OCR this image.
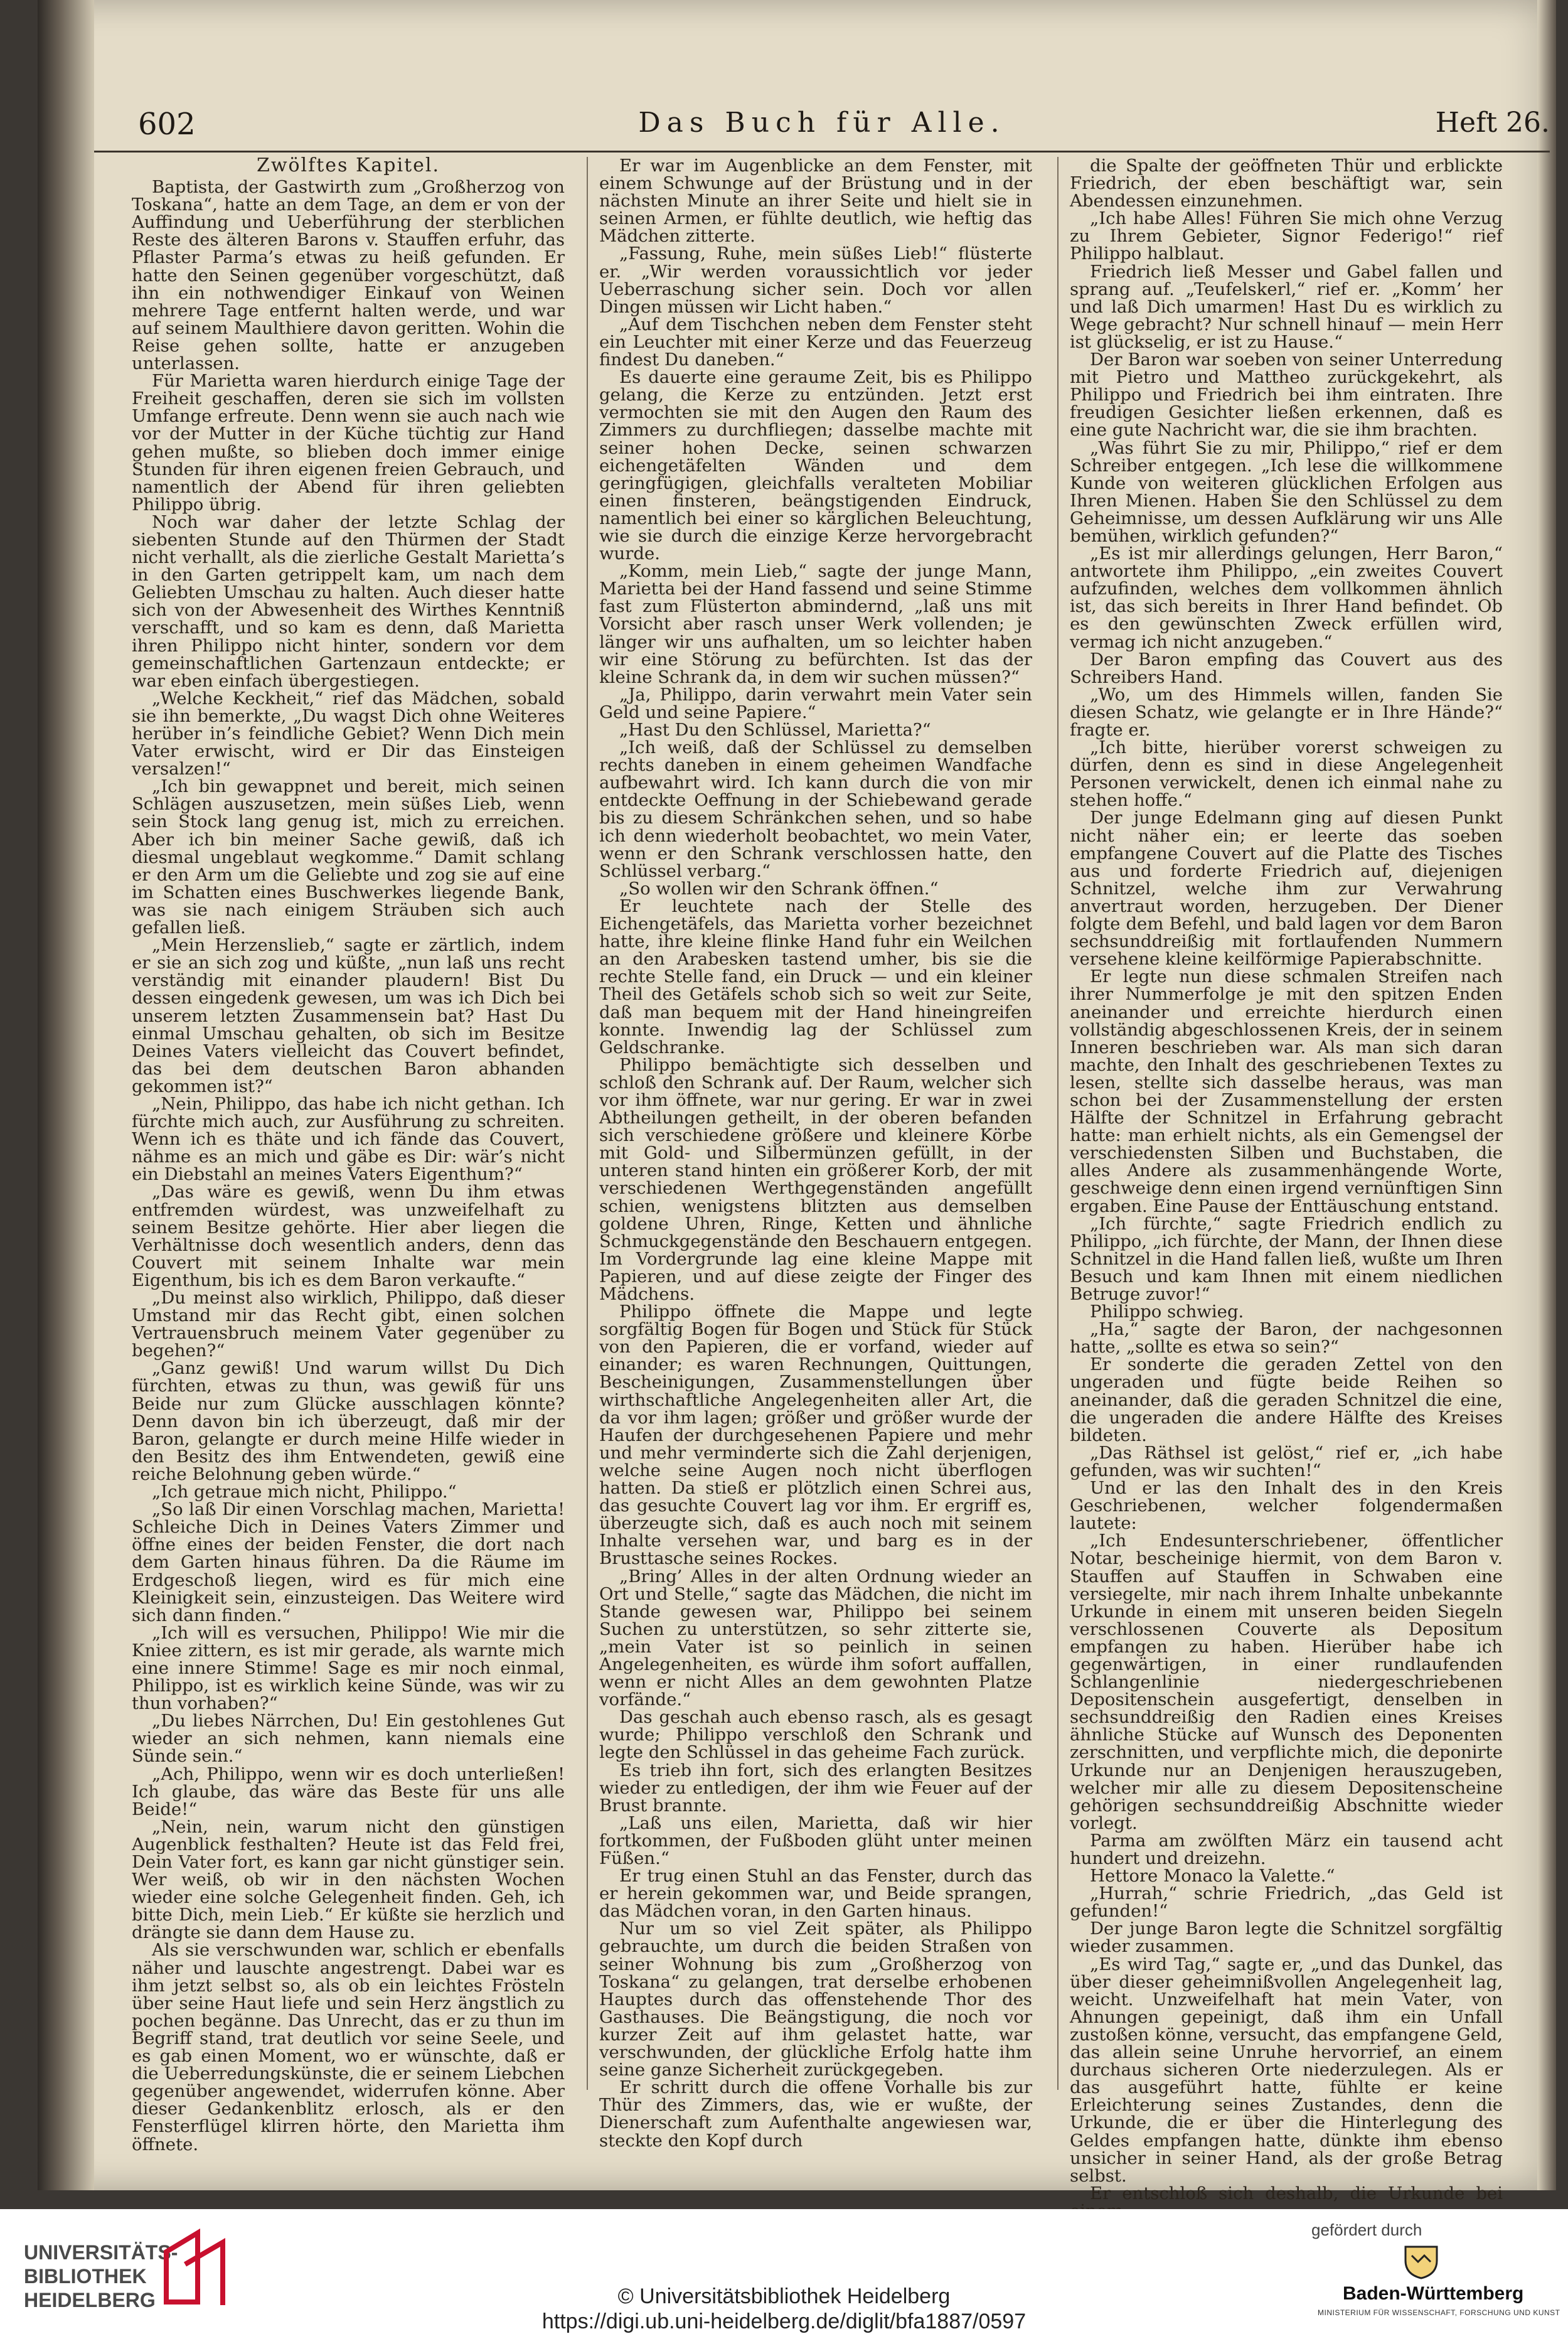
602	Das Buch für Alle.	Heft 26.
Zwölftes Kapitel.

Baptista, der Gastwirth zum „Großherzog von Toskana“, hatte an dem Tage, an dem er von der Auffindung und Ueberführung der sterblichen Reste des älteren Barons v. Stauffen erfuhr, das Pflaster Parma’s etwas zu heiß gefunden. Er hatte den Seinen gegenüber vorgeschützt, daß ihn ein nothwendiger Einkauf von Weinen mehrere Tage entfernt halten werde, und war auf seinem Maulthiere davon geritten. Wohin die Reise gehen sollte, hatte er anzugeben unterlassen.

Für Marietta waren hierdurch einige Tage der Freiheit geschaffen, deren sie sich im vollsten Umfange erfreute. Denn wenn sie auch nach wie vor der Mutter in der Küche tüchtig zur Hand gehen mußte, so blieben doch immer einige Stunden für ihren eigenen freien Gebrauch, und namentlich der Abend für ihren geliebten Philippo übrig.

Noch war daher der letzte Schlag der siebenten Stunde auf den Thürmen der Stadt nicht verhallt, als die zierliche Gestalt Marietta’s in den Garten getrippelt kam, um nach dem Geliebten Umschau zu halten. Auch dieser hatte sich von der Abwesenheit des Wirthes Kenntniß verschafft, und so kam es denn, daß Marietta ihren Philippo nicht hinter, sondern vor dem gemeinschaftlichen Gartenzaun entdeckte; er war eben einfach übergestiegen.

„Welche Keckheit,“ rief das Mädchen, sobald sie ihn bemerkte, „Du wagst Dich ohne Weiteres herüber in’s feindliche Gebiet? Wenn Dich mein Vater erwischt, wird er Dir das Einsteigen versalzen!“

„Ich bin gewappnet und bereit, mich seinen Schlägen auszusetzen, mein süßes Lieb, wenn sein Stock lang genug ist, mich zu erreichen. Aber ich bin meiner Sache gewiß, daß ich diesmal ungeblaut wegkomme.“ Damit schlang er den Arm um die Geliebte und zog sie auf eine im Schatten eines Buschwerkes liegende Bank, was sie nach einigem Sträuben sich auch gefallen ließ.

„Mein Herzenslieb,“ sagte er zärtlich, indem er sie an sich zog und küßte, „nun laß uns recht verständig mit einander plaudern! Bist Du dessen eingedenk gewesen, um was ich Dich bei unserem letzten Zusammensein bat? Hast Du einmal Umschau gehalten, ob sich im Besitze Deines Vaters vielleicht das Couvert befindet, das bei dem deutschen Baron abhanden gekommen ist?“

„Nein, Philippo, das habe ich nicht gethan. Ich fürchte mich auch, zur Ausführung zu schreiten. Wenn ich es thäte und ich fände das Couvert, nähme es an mich und gäbe es Dir: wär’s nicht ein Diebstahl an meines Vaters Eigenthum?“

„Das wäre es gewiß, wenn Du ihm etwas entfremden würdest, was unzweifelhaft zu seinem Besitze gehörte. Hier aber liegen die Verhältnisse doch wesentlich anders, denn das Couvert mit seinem Inhalte war mein Eigenthum, bis ich es dem Baron verkaufte.“

„Du meinst also wirklich, Philippo, daß dieser Umstand mir das Recht gibt, einen solchen Vertrauensbruch meinem Vater gegenüber zu begehen?“

„Ganz gewiß! Und warum willst Du Dich fürchten, etwas zu thun, was gewiß für uns Beide nur zum Glücke ausschlagen könnte? Denn davon bin ich überzeugt, daß mir der Baron, gelangte er durch meine Hilfe wieder in den Besitz des ihm Entwendeten, gewiß eine reiche Belohnung geben würde.“

„Ich getraue mich nicht, Philippo.“

„So laß Dir einen Vorschlag machen, Marietta! Schleiche Dich in Deines Vaters Zimmer und öffne eines der beiden Fenster, die dort nach dem Garten hinaus führen. Da die Räume im Erdgeschoß liegen, wird es für mich eine Kleinigkeit sein, einzusteigen. Das Weitere wird sich dann finden.“

„Ich will es versuchen, Philippo! Wie mir die Kniee zittern, es ist mir gerade, als warnte mich eine innere Stimme! Sage es mir noch einmal, Philippo, ist es wirklich keine Sünde, was wir zu thun vorhaben?“

„Du liebes Närrchen, Du! Ein gestohlenes Gut wieder an sich nehmen, kann niemals eine Sünde sein.“

„Ach, Philippo, wenn wir es doch unterließen! Ich glaube, das wäre das Beste für uns alle Beide!“

„Nein, nein, warum nicht den günstigen Augenblick festhalten? Heute ist das Feld frei, Dein Vater fort, es kann gar nicht günstiger sein. Wer weiß, ob wir in den nächsten Wochen wieder eine solche Gelegenheit finden. Geh, ich bitte Dich, mein Lieb.“ Er küßte sie herzlich und drängte sie dann dem Hause zu.

Als sie verschwunden war, schlich er ebenfalls näher und lauschte angestrengt. Dabei war es ihm jetzt selbst so, als ob ein leichtes Frösteln über seine Haut liefe und sein Herz ängstlich zu pochen begänne. Das Unrecht, das er zu thun im Begriff stand, trat deutlich vor seine Seele, und es gab einen Moment, wo er wünschte, daß er die Ueberredungskünste, die er seinem Liebchen gegenüber angewendet, widerrufen könne. Aber dieser Gedankenblitz erlosch, als er den Fensterflügel klirren hörte, den Marietta ihm öffnete.

Er war im Augenblicke an dem Fenster, mit einem Schwunge auf der Brüstung und in der nächsten Minute an ihrer Seite und hielt sie in seinen Armen, er fühlte deutlich, wie heftig das Mädchen zitterte.

„Fassung, Ruhe, mein süßes Lieb!“ flüsterte er. „Wir werden voraussichtlich vor jeder Ueberraschung sicher sein. Doch vor allen Dingen müssen wir Licht haben.“

„Auf dem Tischchen neben dem Fenster steht ein Leuchter mit einer Kerze und das Feuerzeug findest Du daneben.“

Es dauerte eine geraume Zeit, bis es Philippo gelang, die Kerze zu entzünden. Jetzt erst vermochten sie mit den Augen den Raum des Zimmers zu durchfliegen; dasselbe machte mit seiner hohen Decke, seinen schwarzen eichengetäfelten Wänden und dem geringfügigen, gleichfalls veralteten Mobiliar einen finsteren, beängstigenden Eindruck, namentlich bei einer so kärglichen Beleuchtung, wie sie durch die einzige Kerze hervorgebracht wurde.

„Komm, mein Lieb,“ sagte der junge Mann, Marietta bei der Hand fassend und seine Stimme fast zum Flüsterton abmindernd, „laß uns mit Vorsicht aber rasch unser Werk vollenden; je länger wir uns aufhalten, um so leichter haben wir eine Störung zu befürchten. Ist das der kleine Schrank da, in dem wir suchen müssen?“

„Ja, Philippo, darin verwahrt mein Vater sein Geld und seine Papiere.“

„Hast Du den Schlüssel, Marietta?“

„Ich weiß, daß der Schlüssel zu demselben rechts daneben in einem geheimen Wandfache aufbewahrt wird. Ich kann durch die von mir entdeckte Oeffnung in der Schiebewand gerade bis zu diesem Schränkchen sehen, und so habe ich denn wiederholt beobachtet, wo mein Vater, wenn er den Schrank verschlossen hatte, den Schlüssel verbarg.“

„So wollen wir den Schrank öffnen.“

Er leuchtete nach der Stelle des Eichengetäfels, das Marietta vorher bezeichnet hatte, ihre kleine flinke Hand fuhr ein Weilchen an den Arabesken tastend umher, bis sie die rechte Stelle fand, ein Druck — und ein kleiner Theil des Getäfels schob sich so weit zur Seite, daß man bequem mit der Hand hineingreifen konnte. Inwendig lag der Schlüssel zum Geldschranke.

Philippo bemächtigte sich desselben und schloß den Schrank auf. Der Raum, welcher sich vor ihm öffnete, war nur gering. Er war in zwei Abtheilungen getheilt, in der oberen befanden sich verschiedene größere und kleinere Körbe mit Gold- und Silbermünzen gefüllt, in der unteren stand hinten ein größerer Korb, der mit verschiedenen Werthgegenständen angefüllt schien, wenigstens blitzten aus demselben goldene Uhren, Ringe, Ketten und ähnliche Schmuckgegenstände den Beschauern entgegen. Im Vordergrunde lag eine kleine Mappe mit Papieren, und auf diese zeigte der Finger des Mädchens.

Philippo öffnete die Mappe und legte sorgfältig Bogen für Bogen und Stück für Stück von den Papieren, die er vorfand, wieder auf einander; es waren Rechnungen, Quittungen, Bescheinigungen, Zusammenstellungen über wirthschaftliche Angelegenheiten aller Art, die da vor ihm lagen; größer und größer wurde der Haufen der durchgesehenen Papiere und mehr und mehr verminderte sich die Zahl derjenigen, welche seine Augen noch nicht überflogen hatten. Da stieß er plötzlich einen Schrei aus, das gesuchte Couvert lag vor ihm. Er ergriff es, überzeugte sich, daß es auch noch mit seinem Inhalte versehen war, und barg es in der Brusttasche seines Rockes.

„Bring’ Alles in der alten Ordnung wieder an Ort und Stelle,“ sagte das Mädchen, die nicht im Stande gewesen war, Philippo bei seinem Suchen zu unterstützen, so sehr zitterte sie, „mein Vater ist so peinlich in seinen Angelegenheiten, es würde ihm sofort auffallen, wenn er nicht Alles an dem gewohnten Platze vorfände.“

Das geschah auch ebenso rasch, als es gesagt wurde; Philippo verschloß den Schrank und legte den Schlüssel in das geheime Fach zurück.

Es trieb ihn fort, sich des erlangten Besitzes wieder zu entledigen, der ihm wie Feuer auf der Brust brannte.

„Laß uns eilen, Marietta, daß wir hier fortkommen, der Fußboden glüht unter meinen Füßen.“

Er trug einen Stuhl an das Fenster, durch das er herein gekommen war, und Beide sprangen, das Mädchen voran, in den Garten hinaus.

Nur um so viel Zeit später, als Philippo gebrauchte, um durch die beiden Straßen von seiner Wohnung bis zum „Großherzog von Toskana“ zu gelangen, trat derselbe erhobenen Hauptes durch das offenstehende Thor des Gasthauses. Die Beängstigung, die noch vor kurzer Zeit auf ihm gelastet hatte, war verschwunden, der glückliche Erfolg hatte ihm seine ganze Sicherheit zurückgegeben.

Er schritt durch die offene Vorhalle bis zur Thür des Zimmers, das, wie er wußte, der Dienerschaft zum Aufenthalte angewiesen war, steckte den Kopf durch

die Spalte der geöffneten Thür und erblickte Friedrich, der eben beschäftigt war, sein Abendessen einzunehmen.

„Ich habe Alles! Führen Sie mich ohne Verzug zu Ihrem Gebieter, Signor Federigo!“ rief Philippo halblaut.

Friedrich ließ Messer und Gabel fallen und sprang auf. „Teufelskerl,“ rief er. „Komm’ her und laß Dich umarmen! Hast Du es wirklich zu Wege gebracht? Nur schnell hinauf — mein Herr ist glückselig, er ist zu Hause.“

Der Baron war soeben von seiner Unterredung mit Pietro und Mattheo zurückgekehrt, als Philippo und Friedrich bei ihm eintraten. Ihre freudigen Gesichter ließen erkennen, daß es eine gute Nachricht war, die sie ihm brachten.

„Was führt Sie zu mir, Philippo,“ rief er dem Schreiber entgegen. „Ich lese die willkommene Kunde von weiteren glücklichen Erfolgen aus Ihren Mienen. Haben Sie den Schlüssel zu dem Geheimnisse, um dessen Aufklärung wir uns Alle bemühen, wirklich gefunden?“

„Es ist mir allerdings gelungen, Herr Baron,“ antwortete ihm Philippo, „ein zweites Couvert aufzufinden, welches dem vollkommen ähnlich ist, das sich bereits in Ihrer Hand befindet. Ob es den gewünschten Zweck erfüllen wird, vermag ich nicht anzugeben.“

Der Baron empfing das Couvert aus des Schreibers Hand.

„Wo, um des Himmels willen, fanden Sie diesen Schatz, wie gelangte er in Ihre Hände?“ fragte er.

„Ich bitte, hierüber vorerst schweigen zu dürfen, denn es sind in diese Angelegenheit Personen verwickelt, denen ich einmal nahe zu stehen hoffe.“

Der junge Edelmann ging auf diesen Punkt nicht näher ein; er leerte das soeben empfangene Couvert auf die Platte des Tisches aus und forderte Friedrich auf, diejenigen Schnitzel, welche ihm zur Verwahrung anvertraut worden, herzugeben. Der Diener folgte dem Befehl, und bald lagen vor dem Baron sechsunddreißig mit fortlaufenden Nummern versehene kleine keilförmige Papierabschnitte.

Er legte nun diese schmalen Streifen nach ihrer Nummerfolge je mit den spitzen Enden aneinander und erreichte hierdurch einen vollständig abgeschlossenen Kreis, der in seinem Inneren beschrieben war. Als man sich daran machte, den Inhalt des geschriebenen Textes zu lesen, stellte sich dasselbe heraus, was man schon bei der Zusammenstellung der ersten Hälfte der Schnitzel in Erfahrung gebracht hatte: man erhielt nichts, als ein Gemengsel der verschiedensten Silben und Buchstaben, die alles Andere als zusammenhängende Worte, geschweige denn einen irgend vernünftigen Sinn ergaben. Eine Pause der Enttäuschung entstand.

„Ich fürchte,“ sagte Friedrich endlich zu Philippo, „ich fürchte, der Mann, der Ihnen diese Schnitzel in die Hand fallen ließ, wußte um Ihren Besuch und kam Ihnen mit einem niedlichen Betruge zuvor!“

Philippo schwieg.

„Ha,“ sagte der Baron, der nachgesonnen hatte, „sollte es etwa so sein?“

Er sonderte die geraden Zettel von den ungeraden und fügte beide Reihen so aneinander, daß die geraden Schnitzel die eine, die ungeraden die andere Hälfte des Kreises bildeten.

„Das Räthsel ist gelöst,“ rief er, „ich habe gefunden, was wir suchten!“

Und er las den Inhalt des in den Kreis Geschriebenen, welcher folgendermaßen lautete:

„Ich Endesunterschriebener, öffentlicher Notar, bescheinige hiermit, von dem Baron v. Stauffen auf Stauffen in Schwaben eine versiegelte, mir nach ihrem Inhalte unbekannte Urkunde in einem mit unseren beiden Siegeln verschlossenen Couverte als Depositum empfangen zu haben. Hierüber habe ich gegenwärtigen, in einer rundlaufenden Schlangenlinie niedergeschriebenen Depositenschein ausgefertigt, denselben in sechsunddreißig den Radien eines Kreises ähnliche Stücke auf Wunsch des Deponenten zerschnitten, und verpflichte mich, die deponirte Urkunde nur an Denjenigen herauszugeben, welcher mir alle zu diesem Depositenscheine gehörigen sechsunddreißig Abschnitte wieder vorlegt.

Parma am zwölften März ein tausend acht hundert und dreizehn.

Hettore Monaco la Valette.“

„Hurrah,“ schrie Friedrich, „das Geld ist gefunden!“

Der junge Baron legte die Schnitzel sorgfältig wieder zusammen.

„Es wird Tag,“ sagte er, „und das Dunkel, das über dieser geheimnißvollen Angelegenheit lag, weicht. Unzweifelhaft hat mein Vater, von Ahnungen gepeinigt, daß ihm ein Unfall zustoßen könne, versucht, das empfangene Geld, das allein seine Unruhe hervorrief, an einem durchaus sicheren Orte niederzulegen. Als er das ausgeführt hatte, fühlte er keine Erleichterung seines Zustandes, denn die Urkunde, die er über die Hinterlegung des Geldes empfangen hatte, dünkte ihm ebenso unsicher in seiner Hand, als der große Betrag selbst.

Er entschloß sich deshalb, die Urkunde bei

UNIVERSITÄTS-
BIBLIOTHEK
HEIDELBERG
gefördert durch
Baden-Württemberg
MINISTERIUM FÜR WISSENSCHAFT, FORSCHUNG UND KUNST
© Universitätsbibliothek Heidelberg
https://digi.ub.uni-heidelberg.de/diglit/bfa1887/0597
